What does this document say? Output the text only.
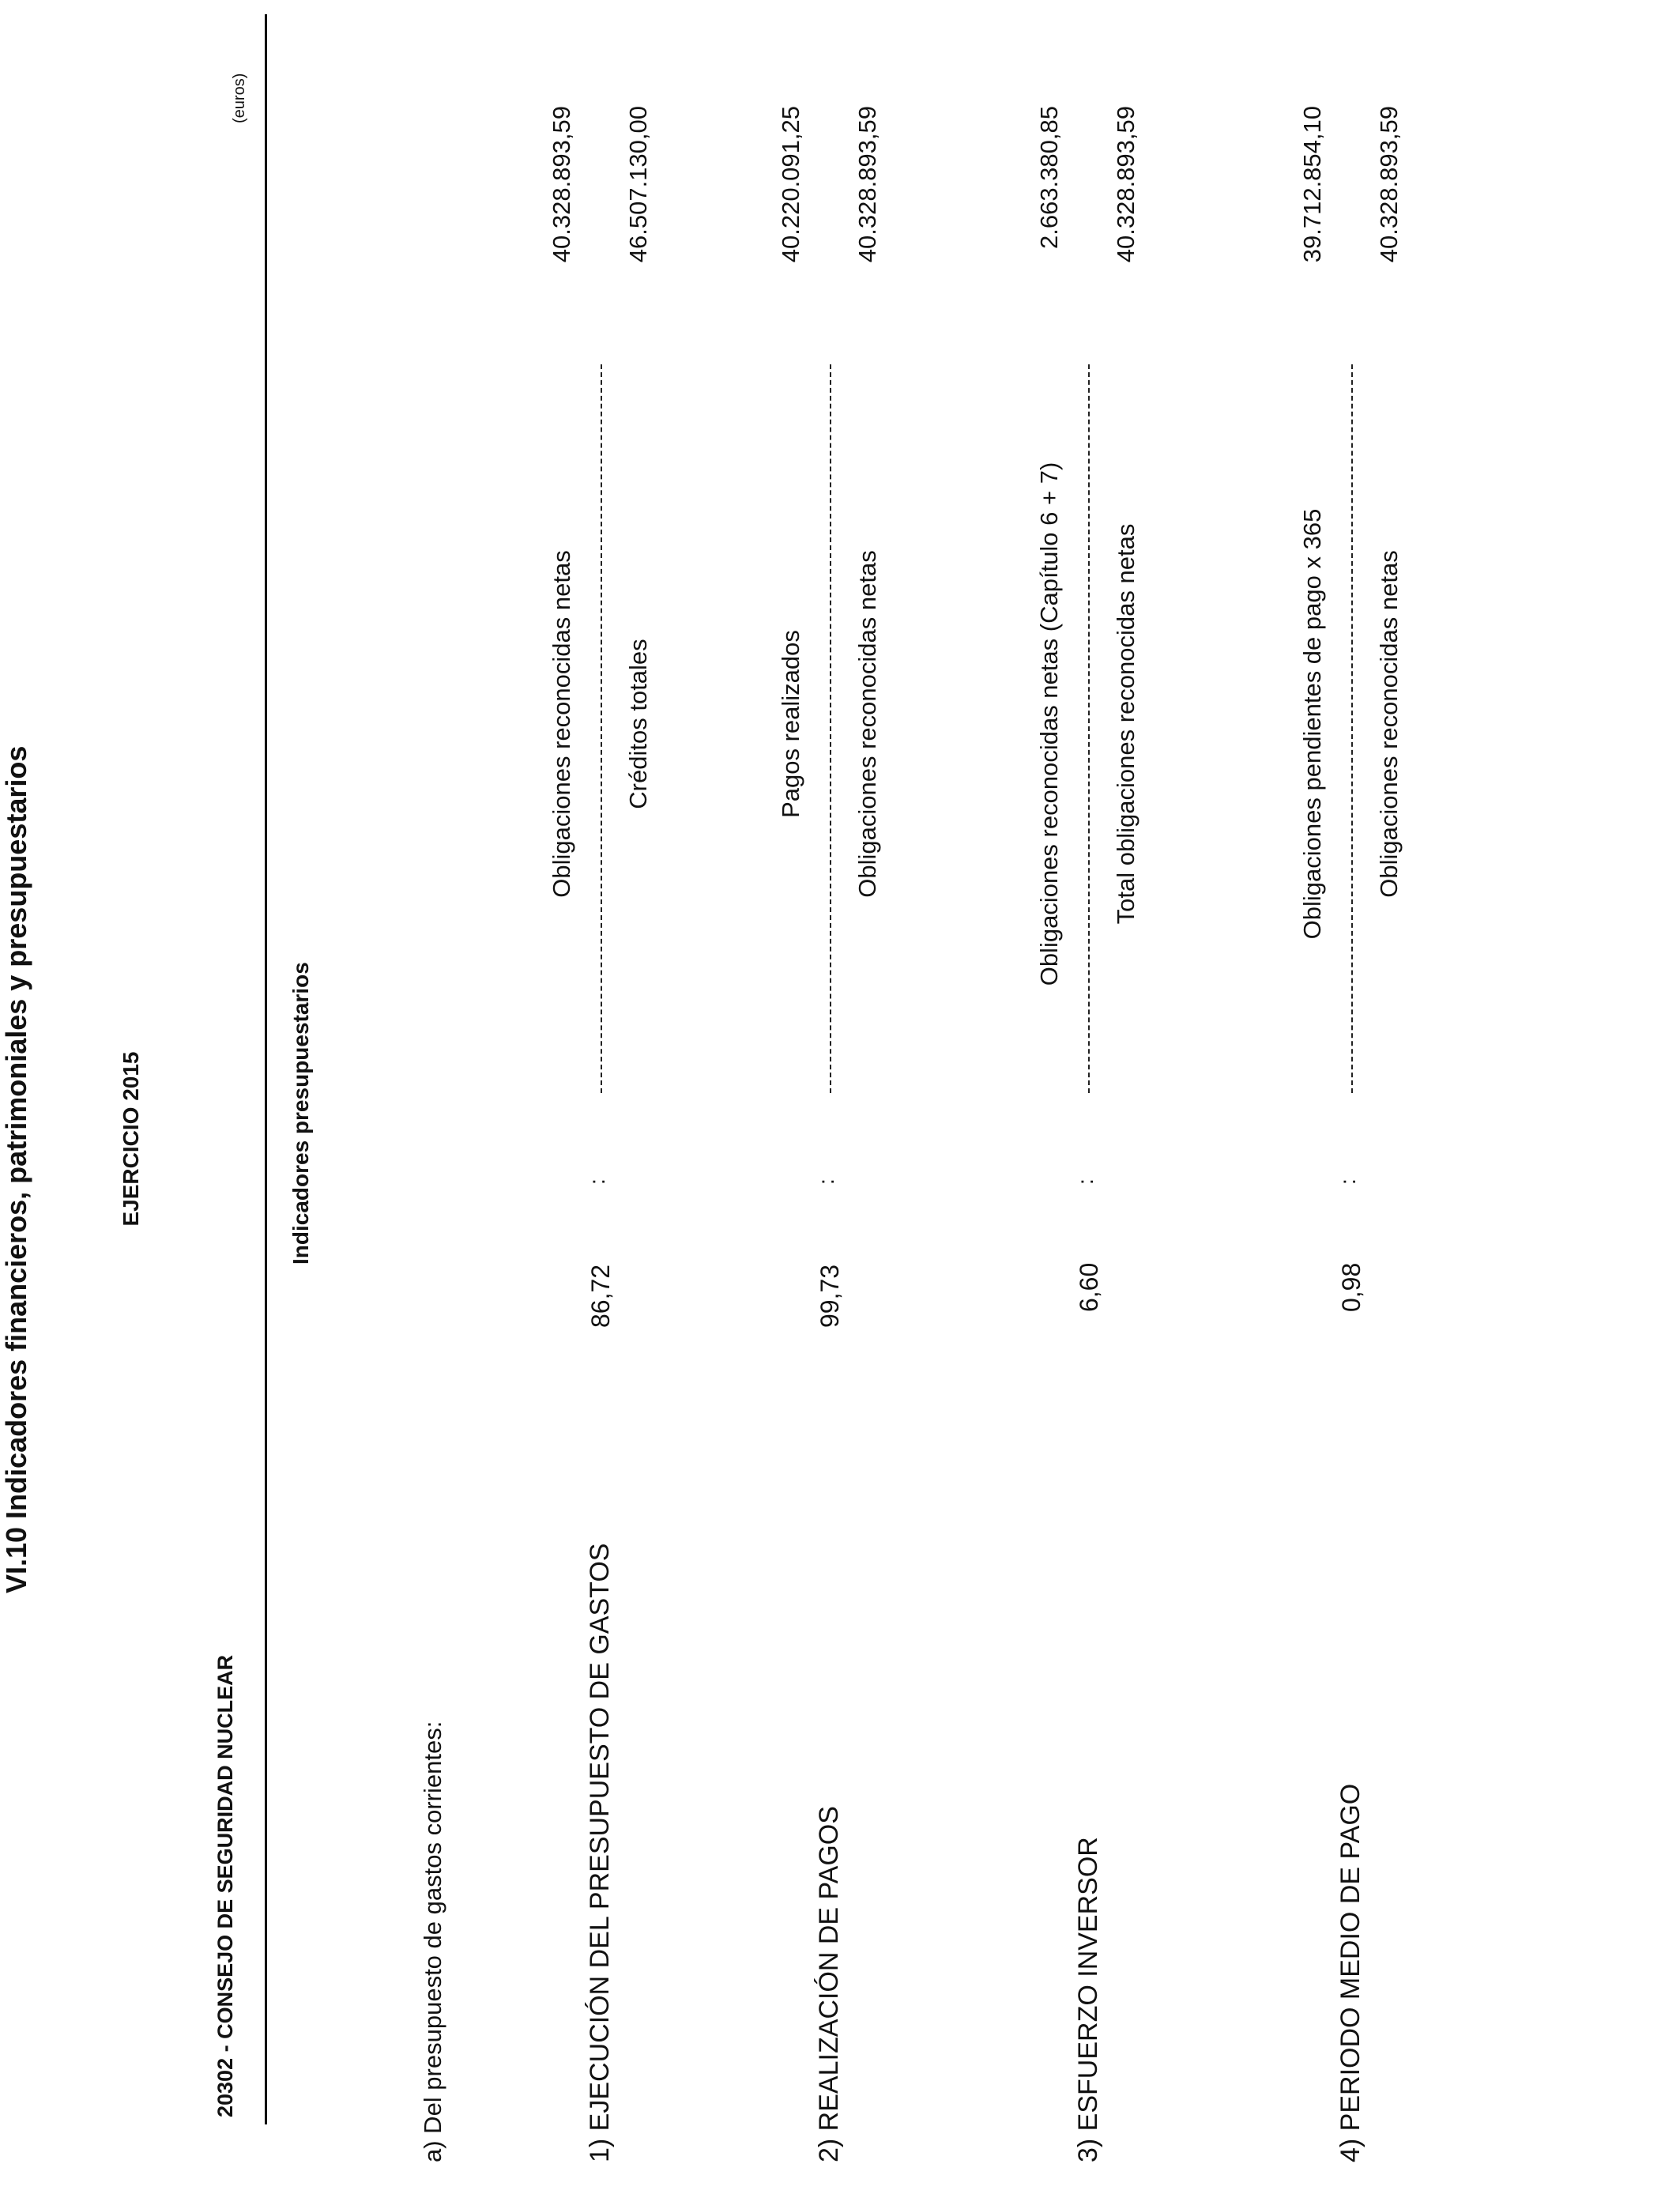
VI.10 Indicadores financieros, patrimoniales y presupuestarios	EJERCICIO 2015
20302 - CONSEJO DE SEGURIDAD NUCLEAR
(euros)
Indicadores presupuestarios
a) Del presupuesto de gastos corrientes:	1) EJECUCIÓN DEL PRESUPUESTO DE GASTOS
86,72
:
Obligaciones reconocidas netas Créditos totales
40.328.893,59 46.507.130,00
2) REALIZACIÓN DE PAGOS
99,73
:
Pagos realizados Obligaciones reconocidas netas
40.220.091,25 40.328.893,59
3) ESFUERZO INVERSOR
6,60
:
Obligaciones reconocidas netas (Capítulo 6 + 7) Total obligaciones reconocidas netas
2.663.380,85 40.328.893,59
4) PERIODO MEDIO DE PAGO
0,98
:
Obligaciones pendientes de pago x 365 Obligaciones reconocidas netas
39.712.854,10 40.328.893,59
